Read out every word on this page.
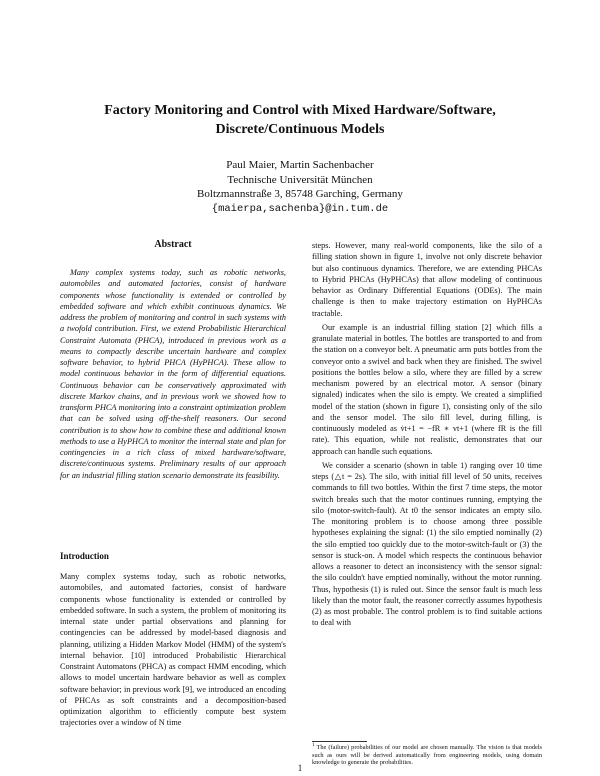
Factory Monitoring and Control with Mixed Hardware/Software,
Discrete/Continuous Models
Paul Maier, Martin Sachenbacher
Technische Universität München
Boltzmannstraße 3, 85748 Garching, Germany
{maierpa,sachenba}@in.tum.de
Abstract
Many complex systems today, such as robotic networks, automobiles and automated factories, consist of hardware components whose functionality is extended or controlled by embedded software and which exhibit continuous dynamics. We address the problem of monitoring and control in such systems with a twofold contribution. First, we extend Probabilistic Hierarchical Constraint Automata (PHCA), introduced in previous work as a means to compactly describe uncertain hardware and complex software behavior, to hybrid PHCA (HyPHCA). These allow to model continuous behavior in the form of differential equations. Continuous behavior can be conservatively approximated with discrete Markov chains, and in previous work we showed how to transform PHCA monitoring into a constraint optimization problem that can be solved using off-the-shelf reasoners. Our second contribution is to show how to combine these and additional known methods to use a HyPHCA to monitor the internal state and plan for contingencies in a rich class of mixed hardware/software, discrete/continuous systems. Preliminary results of our approach for an industrial filling station scenario demonstrate its feasibility.
Introduction

Many complex systems today, such as robotic networks, automobiles, and automated factories, consist of hardware components whose functionality is extended or controlled by embedded software. In such a system, the problem of monitoring its internal state under partial observations and planning for contingencies can be addressed by model-based diagnosis and planning, utilizing a Hidden Markov Model (HMM) of the system's internal behavior. [10] introduced Probabilistic Hierarchical Constraint Automatons (PHCA) as compact HMM encoding, which allows to model uncertain hardware behavior as well as complex software behavior; in previous work [9], we introduced an encoding of PHCAs as soft constraints and a decomposition-based optimization algorithm to efficiently compute best system trajectories over a window of N time

steps. However, many real-world components, like the silo of a filling station shown in figure 1, involve not only discrete behavior but also continuous dynamics. Therefore, we are extending PHCAs to Hybrid PHCAs (HyPHCAs) that allow modeling of continuous behavior as Ordinary Differential Equations (ODEs). The main challenge is then to make trajectory estimation on HyPHCAs tractable.

Our example is an industrial filling station [2] which fills a granulate material in bottles. The bottles are transported to and from the station on a conveyor belt. A pneumatic arm puts bottles from the conveyor onto a swivel and back when they are finished. The swivel positions the bottles below a silo, where they are filled by a screw mechanism powered by an electrical motor. A sensor (binary signaled) indicates when the silo is empty. We created a simplified model of the station (shown in figure 1), consisting only of the silo and the sensor model. The silo fill level, during filling, is continuously modeled as v̇t+1 = −fR ∗ vt+1 (where fR is the fill rate). This equation, while not realistic, demonstrates that our approach can handle such equations.

We consider a scenario (shown in table 1) ranging over 10 time steps (△t = 2s). The silo, with initial fill level of 50 units, receives commands to fill two bottles. Within the first 7 time steps, the motor switch breaks such that the motor continues running, emptying the silo (motor-switch-fault). At t0 the sensor indicates an empty silo. The monitoring problem is to choose among three possible hypotheses explaining the signal: (1) the silo emptied nominally (2) the silo emptied too quickly due to the motor-switch-fault or (3) the sensor is stuck-on. A model which respects the continuous behavior allows a reasoner to detect an inconsistency with the sensor signal: the silo couldn't have emptied nominally, without the motor running. Thus, hypothesis (1) is ruled out. Since the sensor fault is much less likely than the motor fault, the reasoner correctly assumes hypothesis (2) as most probable. The control problem is to find suitable actions to deal with

$^1$ The (failure) probabilities of our model are chosen manually. The vision is that models such as ours will be derived automatically from engineering models, using domain knowledge to generate the probabilities.
1
